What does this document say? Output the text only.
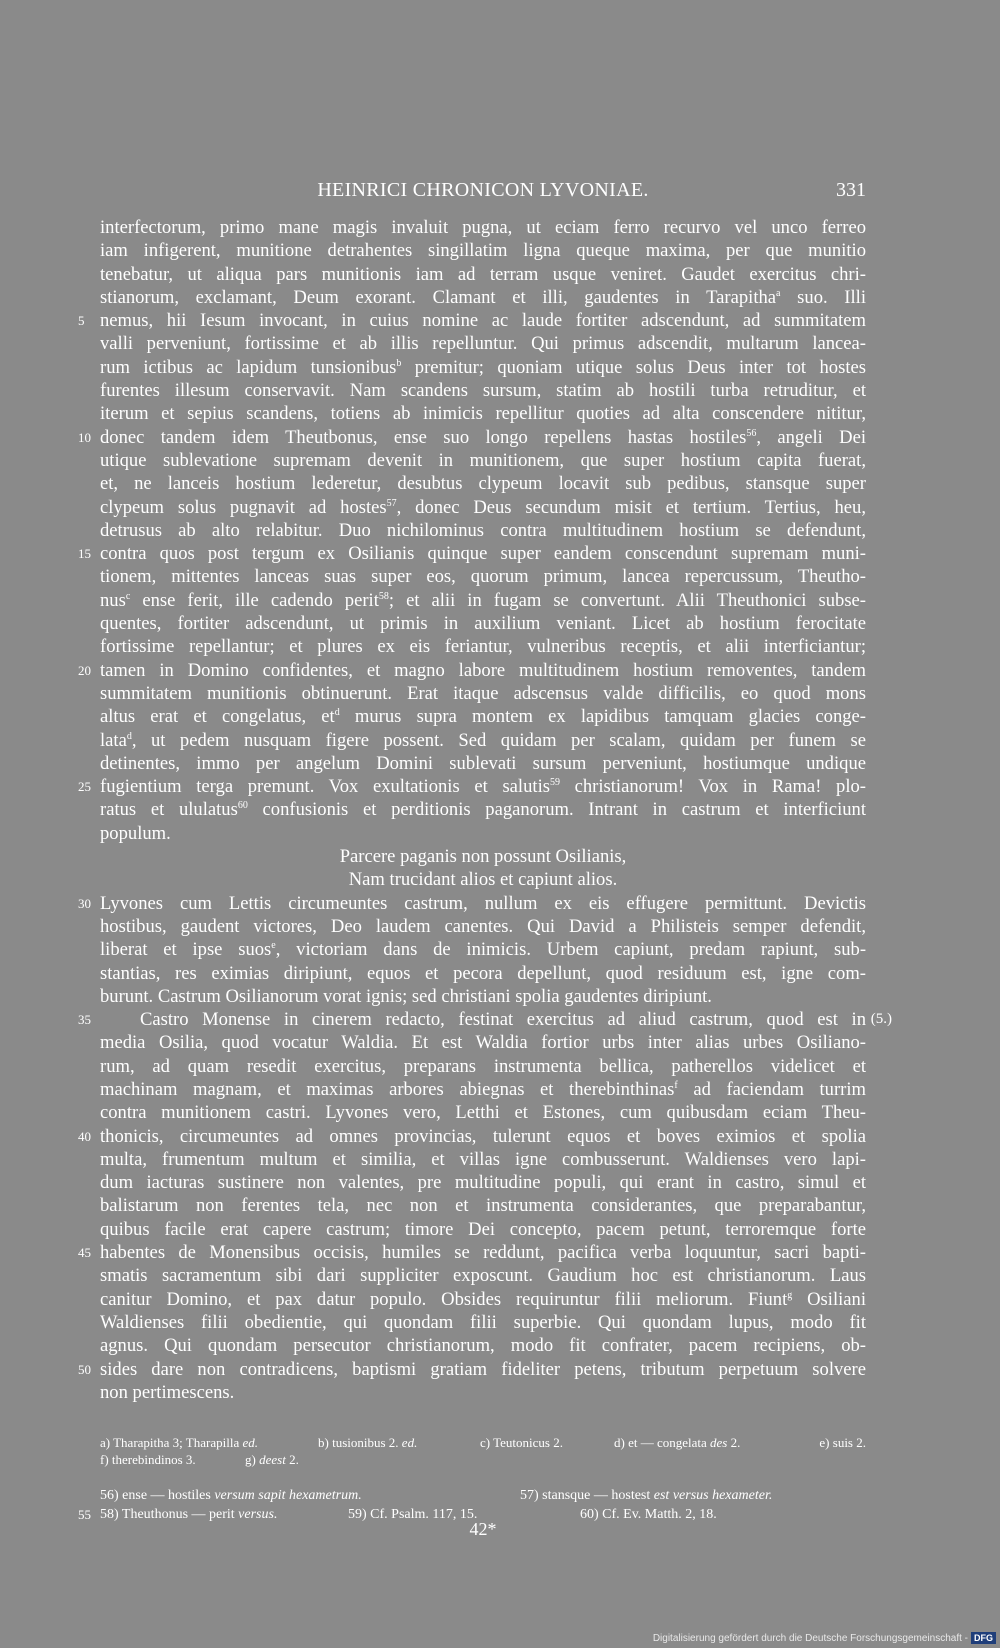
HEINRICI CHRONICON LYVONIAE.	331
interfectorum, primo mane magis invaluit pugna, ut eciam ferro recurvo vel unco ferreo
iam infigerent, munitione detrahentes singillatim ligna queque maxima, per que munitio
tenebatur, ut aliqua pars munitionis iam ad terram usque veniret. Gaudet exercitus chri-
stianorum, exclamant, Deum exorant. Clamant et illi, gaudentes in Tarapitha$^a$ suo. Illi
5 nemus, hii Iesum invocant, in cuius nomine ac laude fortiter adscendunt, ad summitatem
valli perveniunt, fortissime et ab illis repelluntur. Qui primus adscendit, multarum lancea-
rum ictibus ac lapidum tunsionibus$^b$ premitur; quoniam utique solus Deus inter tot hostes
furentes illesum conservavit. Nam scandens sursum, statim ab hostili turba retruditur, et
iterum et sepius scandens, totiens ab inimicis repellitur quoties ad alta conscendere nititur,
10 donec tandem idem Theutbonus, ense suo longo repellens hastas hostiles$^{56}$, angeli Dei
utique sublevatione supremam devenit in munitionem, que super hostium capita fuerat,
et, ne lanceis hostium lederetur, desubtus clypeum locavit sub pedibus, stansque super
clypeum solus pugnavit ad hostes$^{57}$, donec Deus secundum misit et tertium. Tertius, heu,
detrusus ab alto relabitur. Duo nichilominus contra multitudinem hostium se defendunt,
15 contra quos post tergum ex Osilianis quinque super eandem conscendunt supremam muni-
tionem, mittentes lanceas suas super eos, quorum primum, lancea repercussum, Theutho-
nus$^c$ ense ferit, ille cadendo perit$^{58}$; et alii in fugam se convertunt. Alii Theuthonici subse-
quentes, fortiter adscendunt, ut primis in auxilium veniant. Licet ab hostium ferocitate
fortissime repellantur; et plures ex eis feriantur, vulneribus receptis, et alii interficiantur;
20 tamen in Domino confidentes, et magno labore multitudinem hostium removentes, tandem
summitatem munitionis obtinuerunt. Erat itaque adscensus valde difficilis, eo quod mons
altus erat et congelatus, $et^d$ murus supra montem ex lapidibus tamquam glacies conge-
lata$^d$, ut pedem nusquam figere possent. Sed quidam per scalam, quidam per funem se
detinentes, immo per angelum Domini sublevati sursum perveniunt, hostiumque undique
25 fugientium terga premunt. Vox exultationis et salutis$^{59}$ christianorum! Vox in Rama! plo-
ratus et ululatus$^{60}$ confusionis et perditionis paganorum. Intrant in castrum et interficiunt
populum.
Parcere paganis non possunt Osilianis,
Nam trucidant alios et capiunt alios.
30 Lyvones cum Lettis circumeuntes castrum, nullum ex eis effugere permittunt. Devictis
hostibus, gaudent victores, Deo laudem canentes. Qui David a Philisteis semper defendit,
liberat et ipse suos$^e$, victoriam dans de inimicis. Urbem capiunt, predam rapiunt, sub-
stantias, res eximias diripiunt, equos et pecora depellunt, quod residuum est, igne com-
burunt. Castrum Osilianorum vorat ignis; sed christiani spolia gaudentes diripiunt.
35	Castro Monense in cinerem redacto, festinat exercitus ad aliud castrum, quod est in (5.)
media Osilia, quod vocatur Waldia. Et est Waldia fortior urbs inter alias urbes Osiliano-
rum, ad quam resedit exercitus, preparans instrumenta bellica, patherellos videlicet et
machinam magnam, et maximas arbores abiegnas et therebinthinas$^f$ ad faciendam turrim
contra munitionem castri. Lyvones vero, Letthi et Estones, cum quibusdam eciam Theu-
40 thonicis, circumeuntes ad omnes provincias, tulerunt equos et boves eximios et spolia
multa, frumentum multum et similia, et villas igne combusserunt. Waldienses vero lapi-
dum iacturas sustinere non valentes, pre multitudine populi, qui erant in castro, simul et
balistarum non ferentes tela, nec non et instrumenta considerantes, que preparabantur,
quibus facile erat capere castrum; timore Dei concepto, pacem petunt, terroremque forte
45 habentes de Monensibus occisis, humiles se reddunt, pacifica verba loquuntur, sacri bapti-
smatis sacramentum sibi dari suppliciter exposcunt. Gaudium hoc est christianorum. Laus
canitur Domino, et pax datur populo. Obsides requiruntur filii meliorum. Fiunt$^g$ Osiliani
Waldienses filii obedientie, qui quondam filii superbie. Qui quondam lupus, modo fit
agnus. Qui quondam persecutor christianorum, modo fit confrater, pacem recipiens, ob-
50 sides dare non contradicens, baptismi gratiam fideliter petens, tributum perpetuum solvere
non pertimescens.
a) Tharapitha 3; Tharapilla ed.	b) tusionibus 2. ed.	c) Teutonicus 2.	d) et — congelata des 2.	e) suis 2.
f) therebindinos 3.	g) deest 2.
56) ense — hostiles versum sapit hexametrum.	57) stansque — hostest est versus hexameter.
55 58) Theuthonus — perit versus.	59) Cf. Psalm. 117, 15.	60) Cf. Ev. Matth. 2, 18.
42*
Digitalisierung gefördert durch die Deutsche Forschungsgemeinschaft - DFG
